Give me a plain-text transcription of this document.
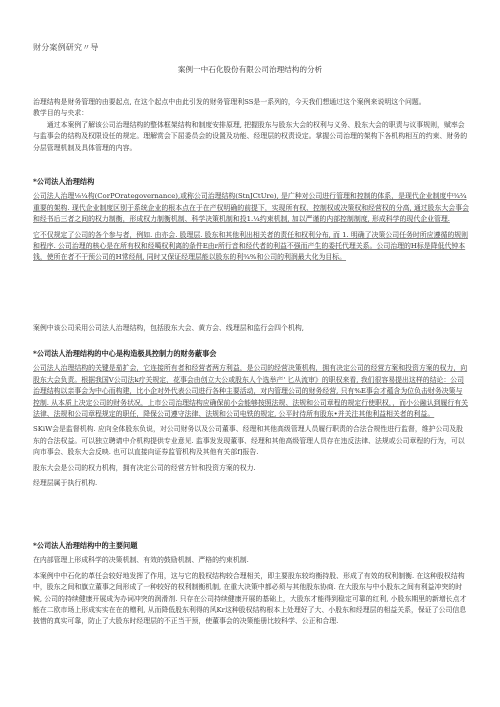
财分案例研究〃导
案例一中石化股份有限公司治理结构的分析

治理结构是财务管理的由要起点, 在这个起点中由此引发的财务管理利SS是一系列的，今天我们想通过这个案例来说明这个问题。

教学目的与央求：

通过本案例了解该公司治理结构的整体框架结构和制度安排原理, 把握股东与股东大会的权利与义务、股东大会的职责与议事规则，赋率会与监事会的结构及权限设任的规定。理解赏会下屈委员会的设置及功能、经理层的权责设定。掌握公司治理的架构下各机构相互的约束、财务的分层管理机制及具体管理的内容。

*公司法人治理结构

公司法人治理⅛¼构(CorPOrategovernance),或称公司治理结构(StnJCtUre), 是广种对公司进行管理和控制的体系，是现代企业制度中¾¾重要的架构. 现代企业制度区别于系统企业的根本点在于在产权明确的前提下，实现所有权、控制权或决策权和经营权的分高, 通过股东大会事会和经书后三者之间的权力制衡，形成权力制衡机制、科学决策机制和投1.¼约束机制, 加以严谨的内部控制制度, 形成科学的现代企业管理.

它不仅规定了公司的各个参与者，例如. 由亦会. 股理层. 股东和其他利出相关者的责任和权利分布, 而 1. 明确了决策公司任务时所应遵循的规则和程序. 公司治理的核心是在所有权和经噶权利离的条件E由r所行音和经代者的利益不强而产生的委托代理关系。公司治理的H标是降低代钟本钱，使所在者不干预公司的H常经削, 同时又保证经理层能以股东的利¾%和公司的利润最大化为目标。

案例中该公司采用公司法人治理结构，包括股东大会、黄方会、线理层和监行会四个机构,

*公司法人治理结构的中心是构造极具控制力的财务蔽事会

公司法人治理结构的关键是茄扩会，它连接所有者和经营者两方利益，是公司的经营决策机构，拥有决定公司的经营方案和投资方案的权力，向股东大会负责。根据我国V公司法k疔关规定，花事会由创立大公或股东人个选举产' 匕从流审》的职权来看, 我们很容易提出这样的结论：公司治理结构以亲事会为中心而构建，比小企对外代表公司进行各种主要活动，对内管理公司的财务经营, 只有%E事会才蕴含为位负击财务决策与控制. 从本质上决定公司的财务状况，上市公司治理结构应确保前小会能够按照法规、法规和公司章程的规定行使职权，，而小公融认到履行有关法律、法规和公司章程规定的职任，降保公司遵守法律、法规和公司电铁的规定, 公平时待所有股东•并关注其他利益相关者的利益。

SKiW会是监督机构. 应向全体股东负说，对公司财务以及公司董事、经理和其他高级管理人员履行职责的合法合规性进行监督，维护公司及股东的合法权益。可以独立聘请中介机构提供专业意见. 监事发发现董事、经理和其他高级管理人员存在违反法律、法规或公司章程的行为，可以向市事会、股东大会反映. 也可以直接向证券监管机构及其他有关部f]报告.

股东大会是公司的权力机构，拥有决定公司的经营方针和投资方案的权力.

经理层属于执行机构.

*公司法人治理结构中的主要问题

在内部管理上形成科学的决策机制、有效的鼓励机制、严格的约束机制.

本案例中中石化的革任会较好地发挥了作用，这与它的股权结构较合理相关，即主要股东较均衡持股、形成了有效的权利制衡. 在这种股权结构中，股东之间和旗立董事之间形成了一种较好的权利制衡机制, 在重大决策中都必须与其他股东协商. 在大股东与中小股东之间有利益冲突的时候, 公司的持续健康开展成为办词冲突的润滑剂. 只存在公司持续健康开展的基础上，大股东才能得到稳定可靠的红利, 小股东期里的新增长点才能在二欧市场上形成实实在在的赠利, 从而降低股东利得的风Kr这种股权结构根本上处理好了大、小股东和经理层的相益关系，保证了公司信息披惜的真实可靠，防止了大股东时经理层的不正当干预，使董事会的决策能册比较科学、公正和合理.
